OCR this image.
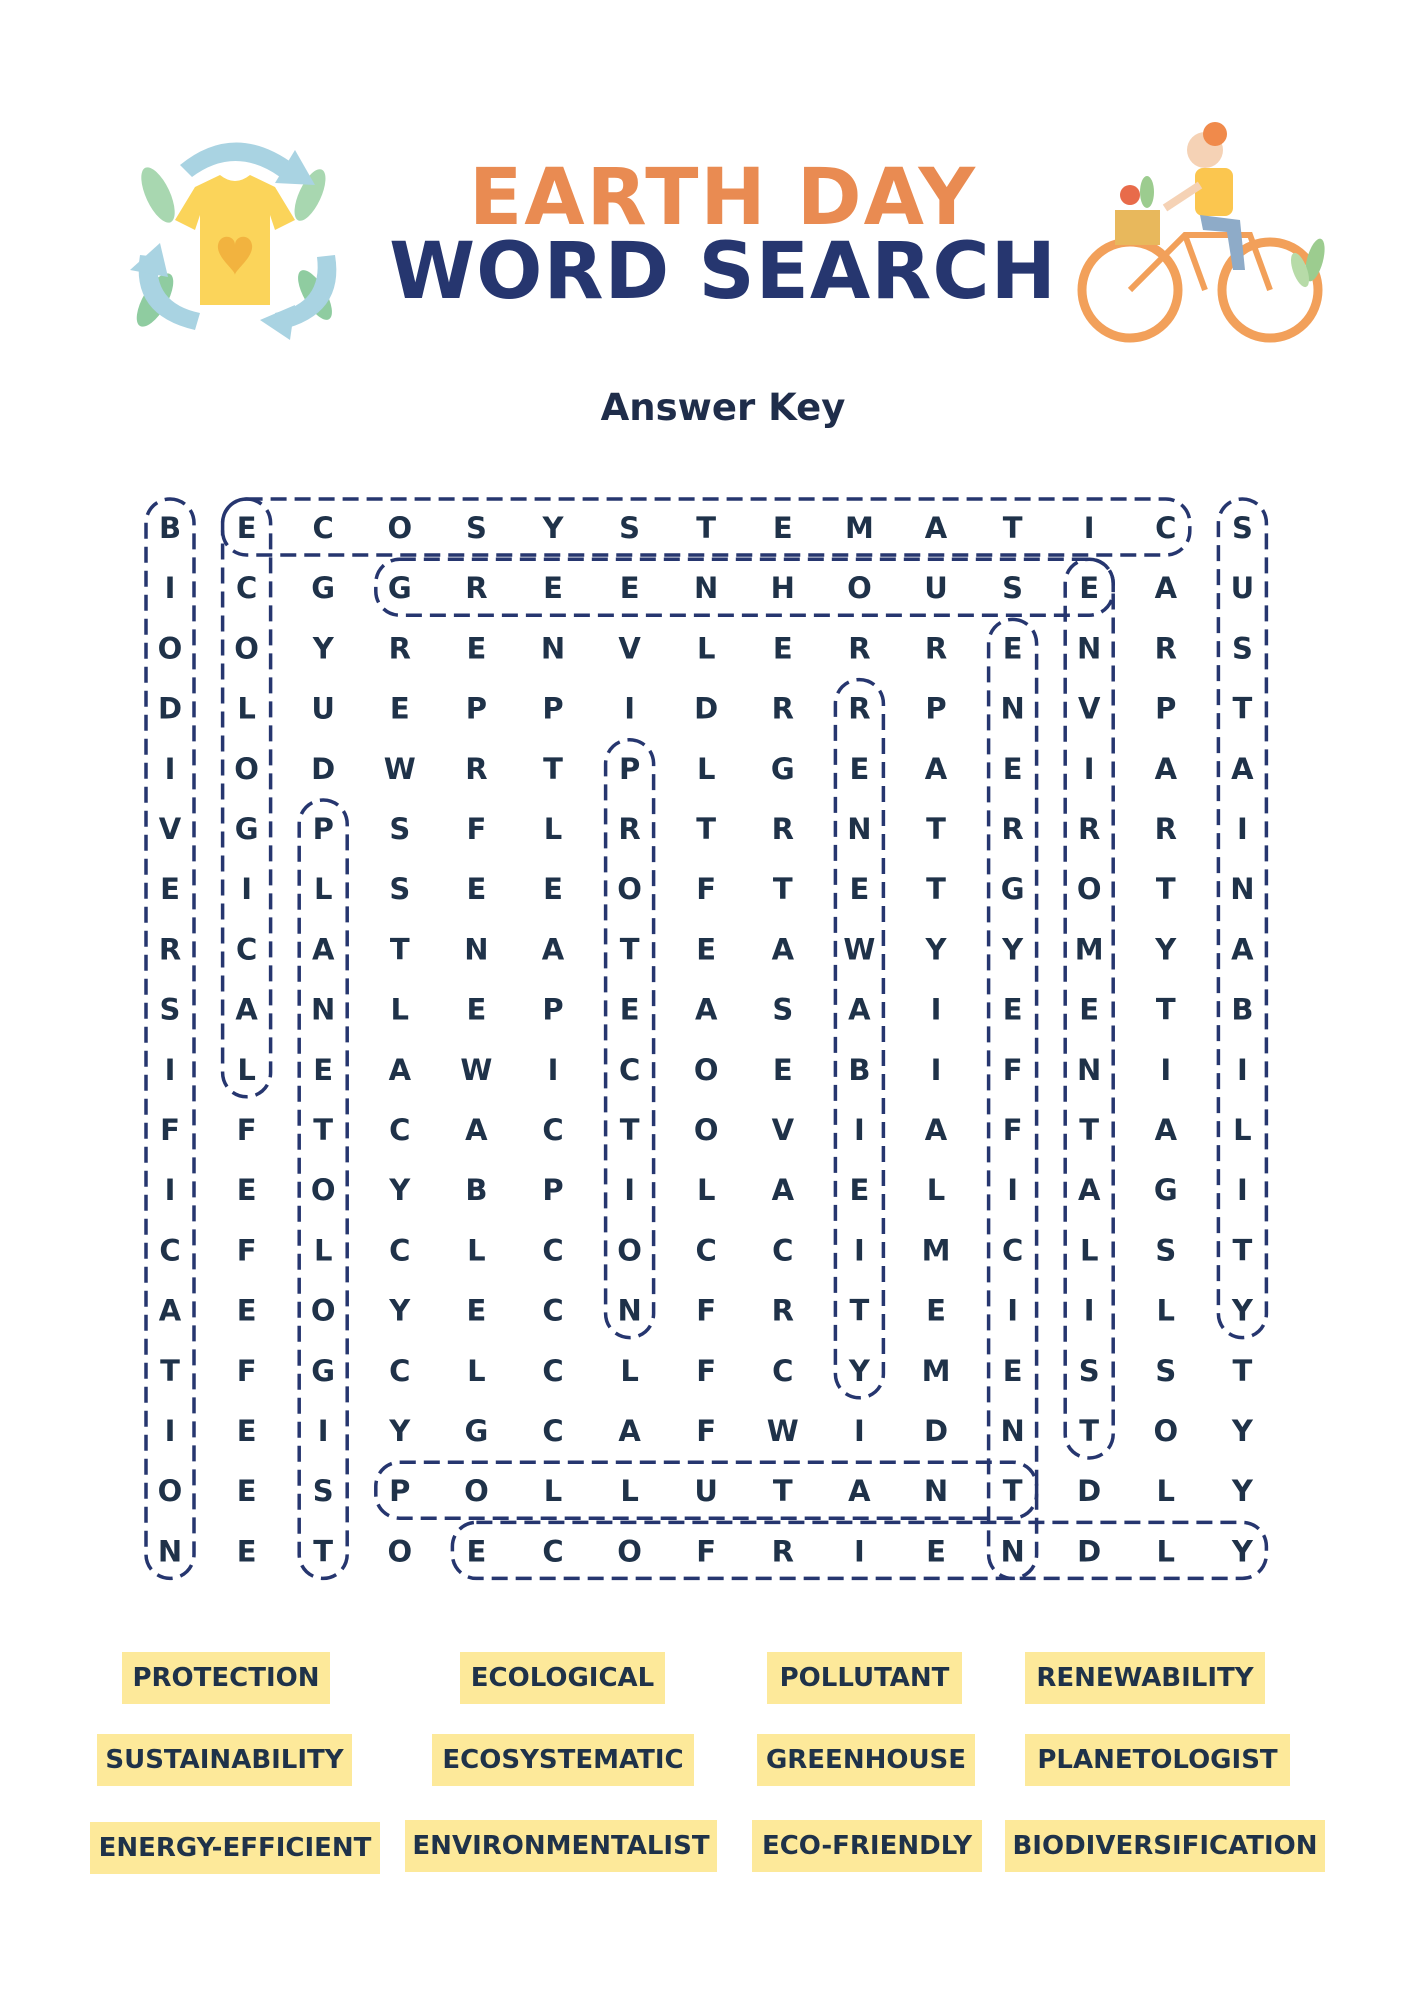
EARTH DAY
WORD SEARCH
Answer Key
B E C O S Y S T E M A T I C S
I C G G R E E N H O U S E A U
O O Y R E N V L E R R E N R S
D L U E P P I D R R P N V P T
I O D W R T P L G E A E I A A
V G P S F L R T R N T R R R I
E I L S E E O F T E T G O T N
R C A T N A T E A W Y Y M Y A
S A N L E P E A S A I E E T B
I L E A W I C O E B I F N I I
F F T C A C T O V I A F T A L
I E O Y B P I L A E L I A G I
C F L C L C O C C I M C L S T
A E O Y E C N F R T E I I L Y
T F G C L C L F C Y M E S S T
I E I Y G C A F W I D N T O Y
O E S P O L L U T A N T D L Y
N E T O E C O F R I E N D L Y
PROTECTION	ECOLOGICAL	POLLUTANT	RENEWABILITY
SUSTAINABILITY	ECOSYSTEMATIC	GREENHOUSE	PLANETOLOGIST
ENERGY-EFFICIENT	ENVIRONMENTALIST	ECO-FRIENDLY	BIODIVERSIFICATION
